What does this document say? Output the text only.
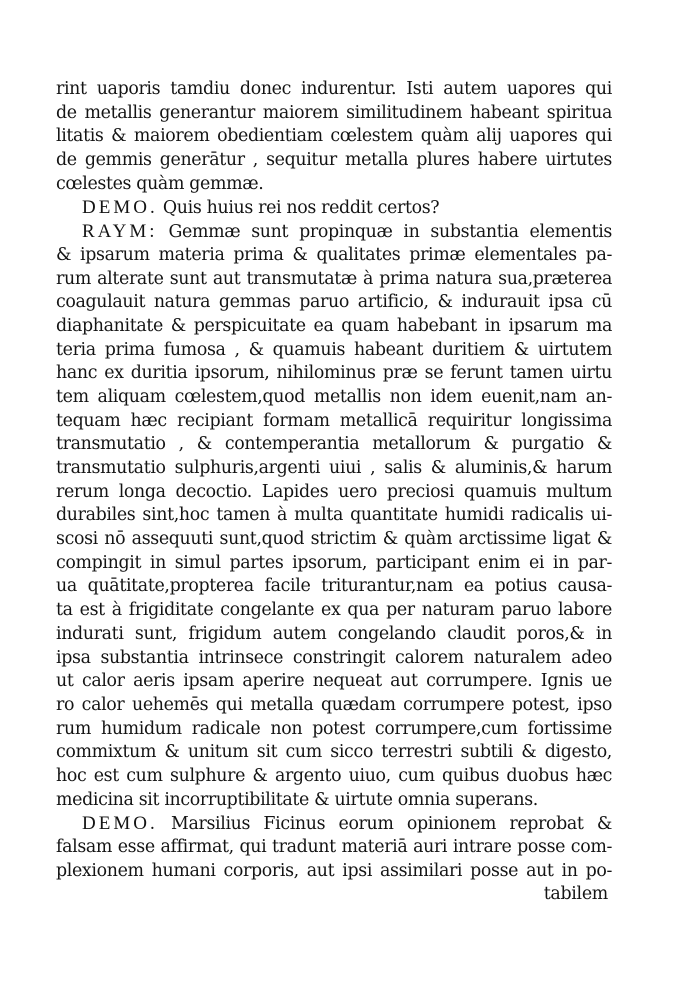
rint uaporis tamdiu donec indurentur. Isti autem uapores qui
de metallis generantur maiorem similitudinem habeant spiritua
litatis & maiorem obedientiam cœlestem quàm alij uapores qui
de gemmis generātur , sequitur metalla plures habere uirtutes
cœlestes quàm gemmæ.
DEMO. Quis huius rei nos reddit certos?
RAYM: Gemmæ sunt propinquæ in substantia elementis
& ipsarum materia prima & qualitates primæ elementales pa-
rum alterate sunt aut transmutatæ à prima natura sua,præterea
coagulauit natura gemmas paruo artificio, & indurauit ipsa cū
diaphanitate & perspicuitate ea quam habebant in ipsarum ma
teria prima fumosa , & quamuis habeant duritiem & uirtutem
hanc ex duritia ipsorum, nihilominus præ se ferunt tamen uirtu
tem aliquam cœlestem,quod metallis non idem euenit,nam an-
tequam hæc recipiant formam metallicā requiritur longissima
transmutatio , & contemperantia metallorum & purgatio &
transmutatio sulphuris,argenti uiui , salis & aluminis,& harum
rerum longa decoctio. Lapides uero preciosi quamuis multum
durabiles sint,hoc tamen à multa quantitate humidi radicalis ui-
scosi nō assequuti sunt,quod strictim & quàm arctissime ligat &
compingit in simul partes ipsorum, participant enim ei in par-
ua quātitate,propterea facile triturantur,nam ea potius causa-
ta est à frigiditate congelante ex qua per naturam paruo labore
indurati sunt, frigidum autem congelando claudit poros,& in
ipsa substantia intrinsece constringit calorem naturalem adeo
ut calor aeris ipsam aperire nequeat aut corrumpere. Ignis ue
ro calor uehemēs qui metalla quædam corrumpere potest, ipso
rum humidum radicale non potest corrumpere,cum fortissime
commixtum & unitum sit cum sicco terrestri subtili & digesto,
hoc est cum sulphure & argento uiuo, cum quibus duobus hæc
medicina sit incorruptibilitate & uirtute omnia superans.
DEMO. Marsilius Ficinus eorum opinionem reprobat &
falsam esse affirmat, qui tradunt materiā auri intrare posse com-
plexionem humani corporis, aut ipsi assimilari posse aut in po-
tabilem
